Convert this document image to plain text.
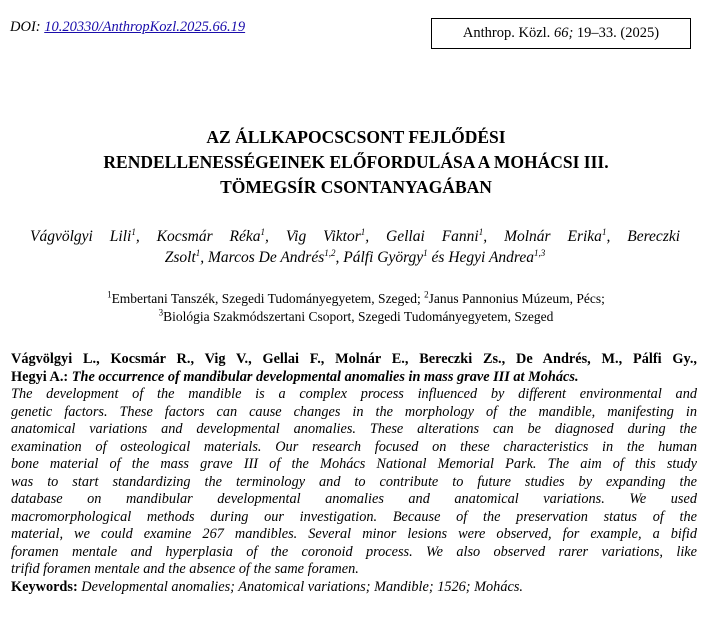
DOI: 10.20330/AnthropKozl.2025.66.19	Anthrop. Közl. 66; 19–33. (2025)
AZ ÁLLKAPOCSCSONT FEJLŐDÉSI
RENDELLENESSÉGEINEK ELŐFORDULÁSA A MOHÁCSI III.
TÖMEGSÍR CSONTANYAGÁBAN
Vágvölgyi Lili$^1$, Kocsmár Réka$^1$, Vig Viktor$^1$, Gellai Fanni$^1$, Molnár Erika$^1$, Bereczki
Zsolt$^1$, Marcos De Andrés$^{1,2}$, Pálfi György$^1$ és Hegyi Andrea$^{1,3}$
$^1$Embertani Tanszék, Szegedi Tudományegyetem, Szeged; $^2$Janus Pannonius Múzeum, Pécs;
$^3$Biológia Szakmódszertani Csoport, Szegedi Tudományegyetem, Szeged
Vágvölgyi L., Kocsmár R., Vig V., Gellai F., Molnár E., Bereczki Zs., De Andrés, M., Pálfi Gy.,
Hegyi A.: The occurrence of mandibular developmental anomalies in mass grave III at Mohács.
The development of the mandible is a complex process influenced by different environmental and
genetic factors. These factors can cause changes in the morphology of the mandible, manifesting in
anatomical variations and developmental anomalies. These alterations can be diagnosed during the
examination of osteological materials. Our research focused on these characteristics in the human
bone material of the mass grave III of the Mohács National Memorial Park. The aim of this study
was to start standardizing the terminology and to contribute to future studies by expanding the
database on mandibular developmental anomalies and anatomical variations. We used
macromorphological methods during our investigation. Because of the preservation status of the
material, we could examine 267 mandibles. Several minor lesions were observed, for example, a bifid
foramen mentale and hyperplasia of the coronoid process. We also observed rarer variations, like
trifid foramen mentale and the absence of the same foramen.
Keywords: Developmental anomalies; Anatomical variations; Mandible; 1526; Mohács.
